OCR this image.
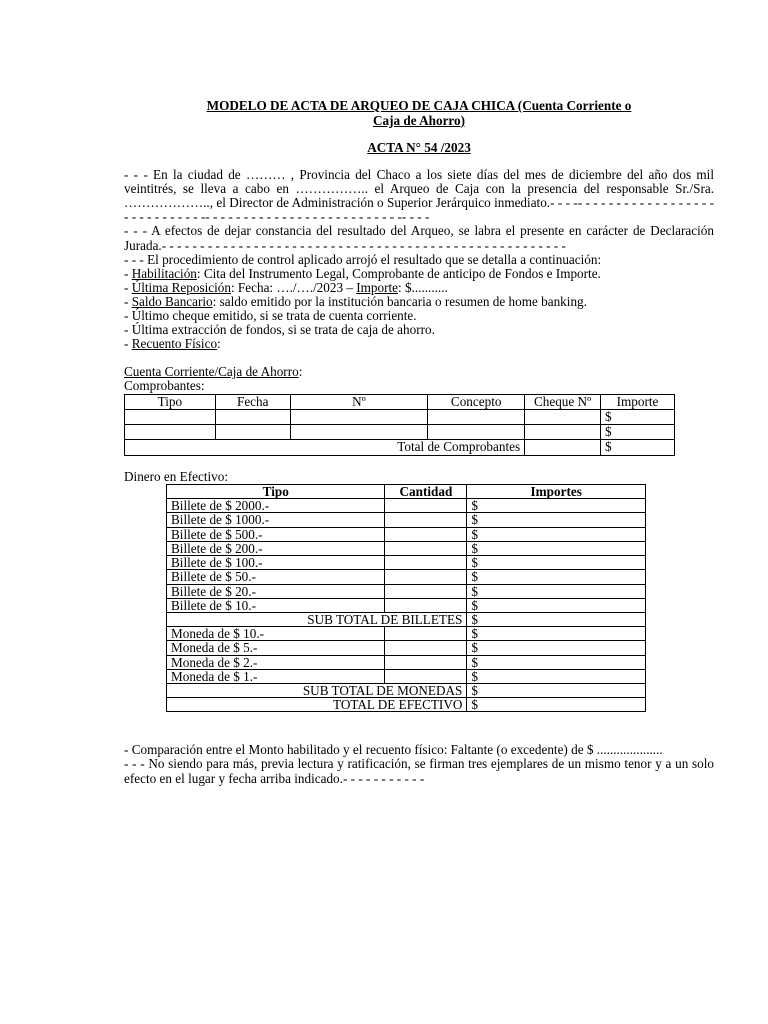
MODELO DE ACTA DE ARQUEO DE CAJA CHICA (Cuenta Corriente o
Caja de Ahorro)
ACTA N° 54 /2023
- - - En la ciudad de ……… , Provincia del Chaco a los siete días del mes de diciembre del año dos mil veintitrés, se lleva a cabo en …………….. el Arqueo de Caja con la presencia del responsable Sr./Sra. ……………….., el Director de Administración o Superior Jerárquico inmediato.- - - -- - - - - - - - - - - - - - - - - - - - - - - - - - - - -- - - - - - - - - - - - - - - - - - - - - - - - - -- - - -
- - - A efectos de dejar constancia del resultado del Arqueo, se labra el presente en carácter de Declaración Jurada.- - - - - - - - - - - - - - - - - - - - - - - - - - - - - - - - - - - - - - - - - - - - - - - - - - - - -
- - - El procedimiento de control aplicado arrojó el resultado que se detalla a continuación:
- Habilitación: Cita del Instrumento Legal, Comprobante de anticipo de Fondos e Importe.
- Última Reposición: Fecha: …./…./2023 – Importe: $...........
- Saldo Bancario: saldo emitido por la institución bancaria o resumen de home banking.
- Último cheque emitido, si se trata de cuenta corriente.
- Última extracción de fondos, si se trata de caja de ahorro.
- Recuento Físico:
Cuenta Corriente/Caja de Ahorro:
Comprobantes:
Tipo	Fecha	Nº	Concepto	Cheque Nº	Importe
					$
					$
Total de Comprobantes					$
Dinero en Efectivo:
Tipo	Cantidad	Importes
Billete de $ 2000.-		$
Billete de $ 1000.-		$
Billete de $ 500.-		$
Billete de $ 200.-		$
Billete de $ 100.-		$
Billete de $ 50.-		$
Billete de $ 20.-		$
Billete de $ 10.-		$
SUB TOTAL DE BILLETES		$
Moneda de $ 10.-		$
Moneda de $ 5.-		$
Moneda de $ 2.-		$
Moneda de $ 1.-		$
SUB TOTAL DE MONEDAS		$
TOTAL DE EFECTIVO		$
- Comparación entre el Monto habilitado y el recuento físico: Faltante (o excedente) de $ ....................
- - - No siendo para más, previa lectura y ratificación, se firman tres ejemplares de un mismo tenor y a un solo efecto en el lugar y fecha arriba indicado.- - - - - - - - - - -
